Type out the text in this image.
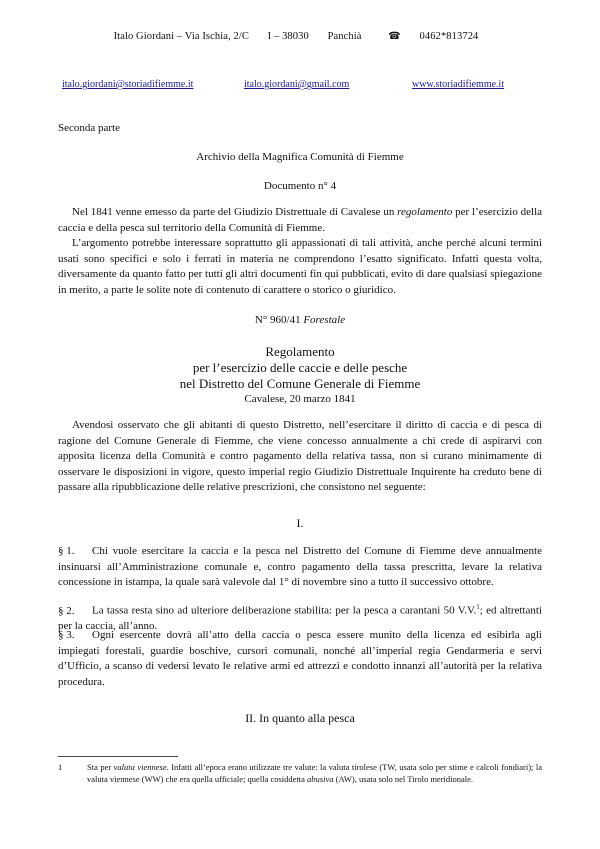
Italo Giordani – Via Ischia, 2/C I – 38030 Panchià	☎ 0462*813724
italo.giordani@storiadifiemme.it	italo.giordani@gmail.com	www.storiadifiemme.it
Seconda parte
Archivio della Magnifica Comunità di Fiemme
Documento n° 4

Nel 1841 venne emesso da parte del Giudizio Distrettuale di Cavalese un regolamento per l’esercizio della caccia e della pesca sul territorio della Comunità di Fiemme.

L’argomento potrebbe interessare soprattutto gli appassionati di tali attività, anche perché alcuni termini usati sono specifici e solo i ferrati in materia ne comprendono l’esatto significato. Infatti questa volta, diversamente da quanto fatto per tutti gli altri documenti fin qui pubblicati, evito di dare qualsiasi spiegazione in merito, a parte le solite note di contenuto di carattere o storico o giuridico.

N° 960/41 Forestale
Regolamento
per l’esercizio delle caccie e delle pesche
nel Distretto del Comune Generale di Fiemme
Cavalese, 20 marzo 1841

Avendosi osservato che gli abitanti di questo Distretto, nell’esercitare il diritto di caccia e di pesca di ragione del Comune Generale di Fiemme, che viene concesso annualmente a chi crede di aspirarvi con apposita licenza della Comunità e contro pagamento della relativa tassa, non si curano minimamente di osservare le disposizioni in vigore, questo imperial regio Giudizio Distrettuale Inquirente ha creduto bene di passare alla ripubblicazione delle relative prescrizioni, che consistono nel seguente:

I.

§ 1. Chi vuole esercitare la caccia e la pesca nel Distretto del Comune di Fiemme deve annualmente insinuarsi all’Amministrazione comunale e, contro pagamento della tassa prescritta, levare la relativa concessione in istampa, la quale sarà valevole dal 1° di novembre sino a tutto il successivo ottobre.

§ 2. La tassa resta sino ad ulteriore deliberazione stabilita: per la pesca a carantani 50 V.V.$^1$; ed altrettanti per la caccia, all’anno.

§ 3. Ogni esercente dovrà all’atto della caccia o pesca essere munito della licenza ed esibirla agli impiegati forestali, guardie boschive, cursori comunali, nonché all’imperial regia Gendarmeria e servi d’Ufficio, a scanso di vedersi levato le relative armi ed attrezzi e condotto innanzi all’autorità per la relativa procedura.

II. In quanto alla pesca
1	Sta per valuta viennese. Infatti all’epoca erano utilizzate tre valute: la valuta tirolese (TW, usata solo per stime e calcoli fondiari); la valuta viennese (WW) che era quella ufficiale; quella cosiddetta abusiva (AW), usata solo nel Tirolo meridionale.
